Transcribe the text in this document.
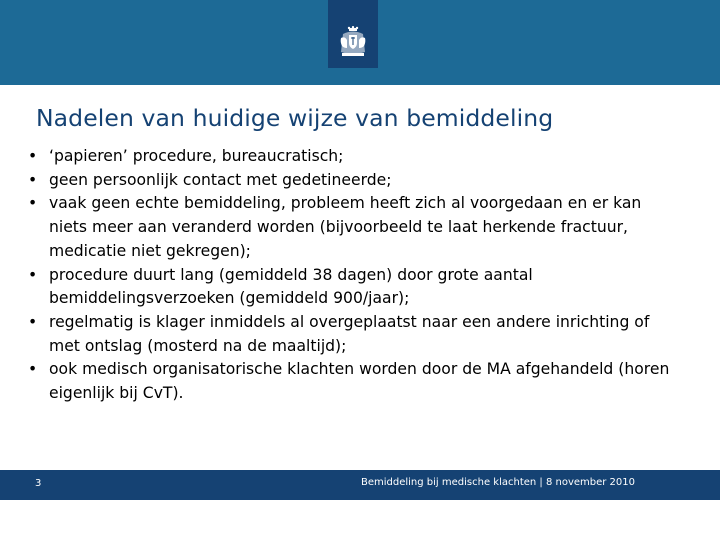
Nadelen van huidige wijze van bemiddeling
• ‘papieren’ procedure, bureaucratisch;
• geen persoonlijk contact met gedetineerde;
• vaak geen echte bemiddeling, probleem heeft zich al voorgedaan en er kan niets meer aan veranderd worden (bijvoorbeeld te laat herkende fractuur, medicatie niet gekregen);
• procedure duurt lang (gemiddeld 38 dagen) door grote aantal bemiddelingsverzoeken (gemiddeld 900/jaar);
• regelmatig is klager inmiddels al overgeplaatst naar een andere inrichting of met ontslag (mosterd na de maaltijd);
• ook medisch organisatorische klachten worden door de MA afgehandeld (horen eigenlijk bij CvT).
3	Bemiddeling bij medische klachten | 8 november 2010
